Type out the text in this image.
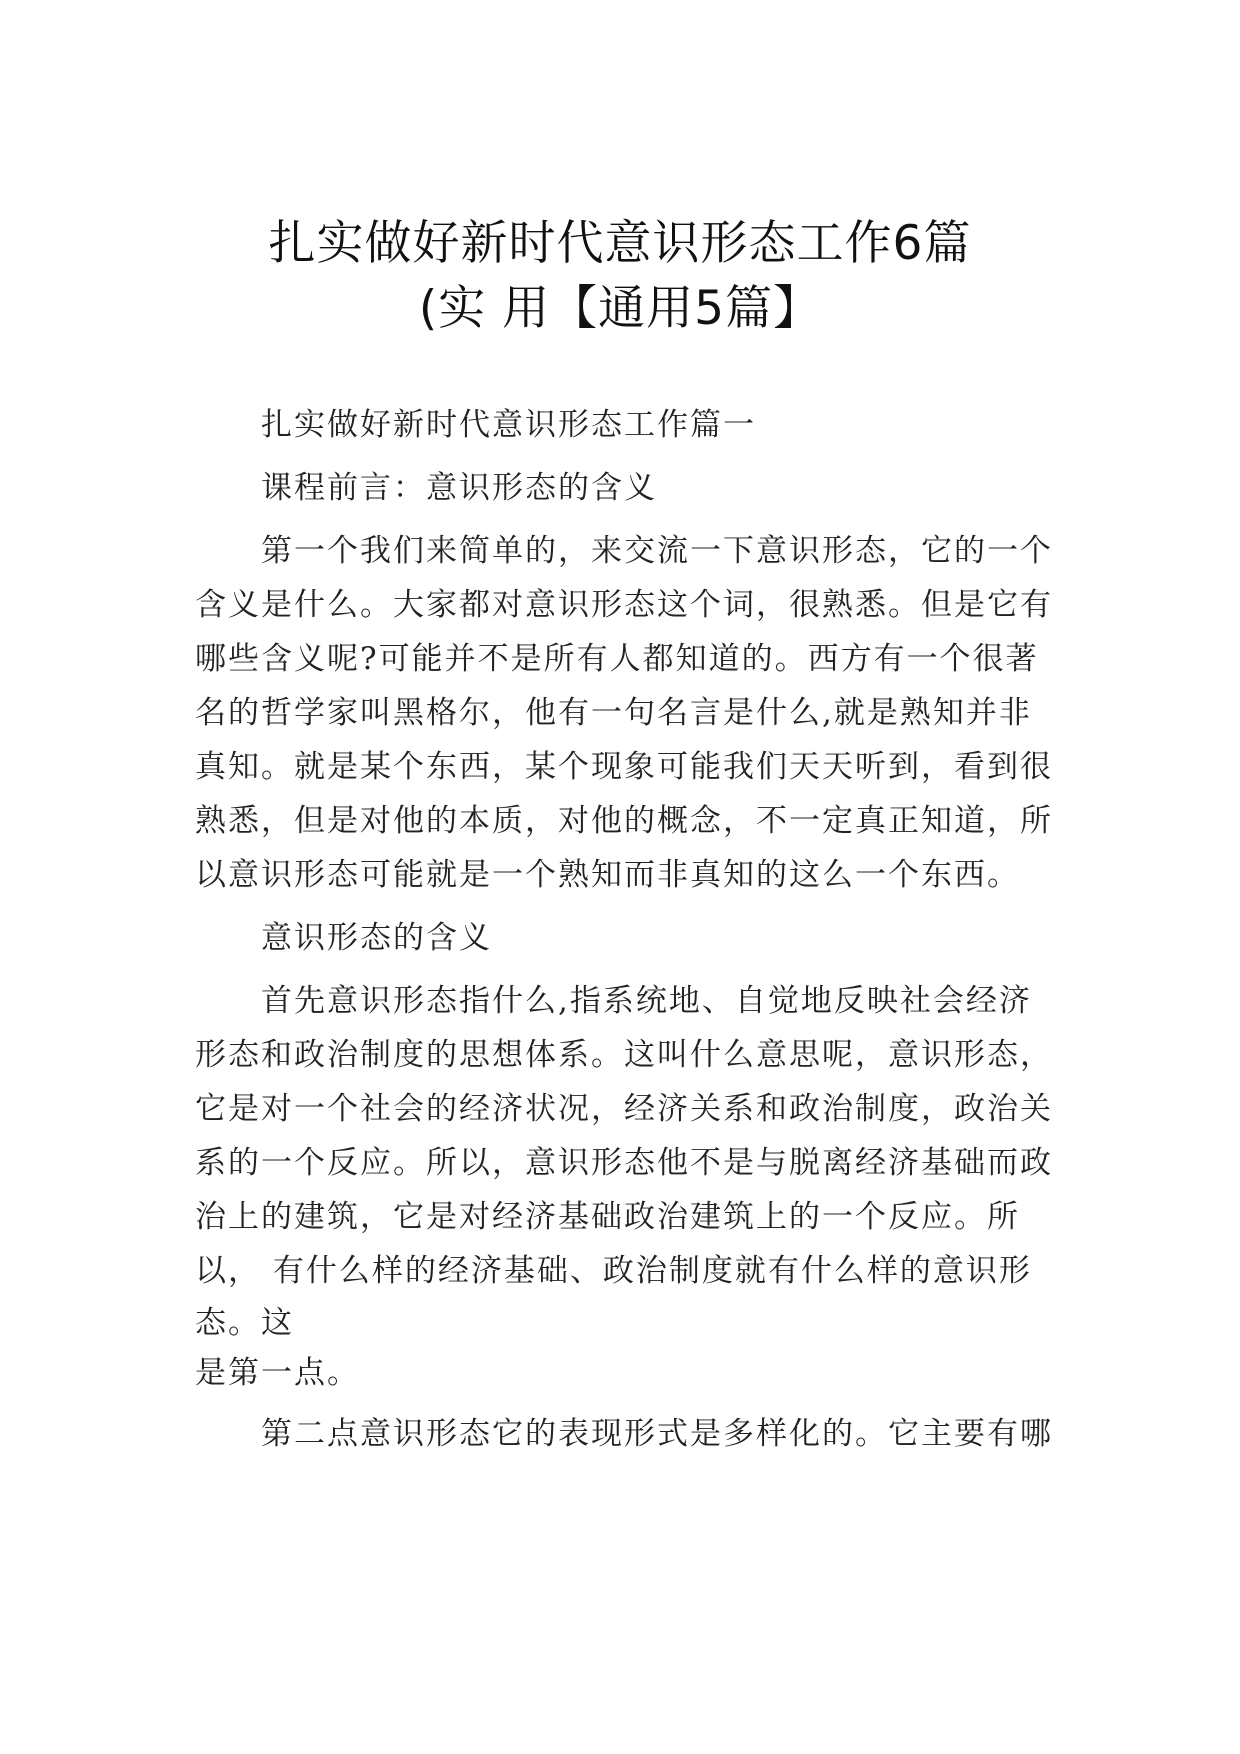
扎实做好新时代意识形态工作6篇
(实 用【通用5篇】
扎实做好新时代意识形态工作篇一
课程前言：意识形态的含义
第一个我们来简单的，来交流一下意识形态，它的一个
含义是什么。大家都对意识形态这个词，很熟悉。但是它有
哪些含义呢?可能并不是所有人都知道的。西方有一个很著
名的哲学家叫黑格尔，他有一句名言是什么,就是熟知并非
真知。就是某个东西，某个现象可能我们天天听到，看到很
熟悉，但是对他的本质，对他的概念，不一定真正知道，所
以意识形态可能就是一个熟知而非真知的这么一个东西。
意识形态的含义
首先意识形态指什么,指系统地、自觉地反映社会经济
形态和政治制度的思想体系。这叫什么意思呢，意识形态，
它是对一个社会的经济状况，经济关系和政治制度，政治关
系的一个反应。所以，意识形态他不是与脱离经济基础而政
治上的建筑，它是对经济基础政治建筑上的一个反应。所
以， 有什么样的经济基础、政治制度就有什么样的意识形
态。这
是第一点。
第二点意识形态它的表现形式是多样化的。它主要有哪
